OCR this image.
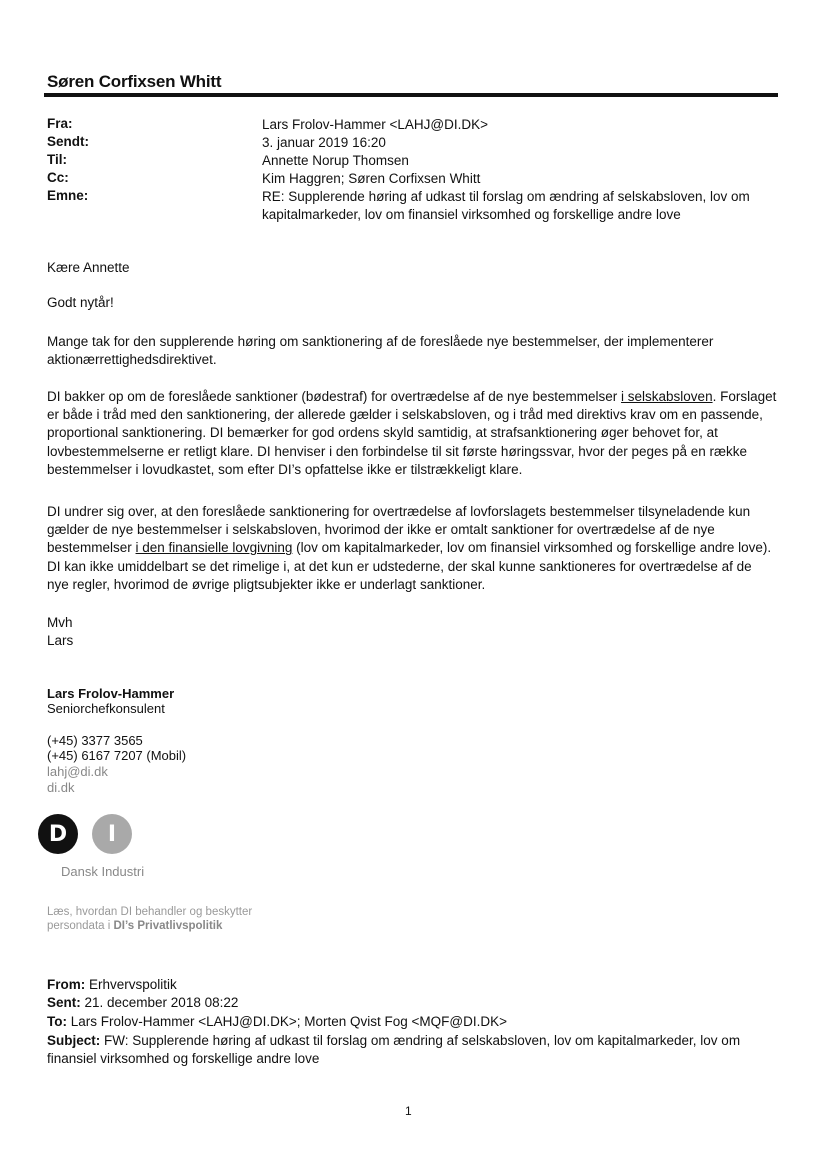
Søren Corfixsen Whitt
Fra:	Lars Frolov-Hammer <LAHJ@DI.DK>
Sendt:	3. januar 2019 16:20
Til:	Annette Norup Thomsen
Cc:	Kim Haggren; Søren Corfixsen Whitt
Emne:	RE: Supplerende høring af udkast til forslag om ændring af selskabsloven, lov om kapitalmarkeder, lov om finansiel virksomhed og forskellige andre love
Kære Annette
Godt nytår!

Mange tak for den supplerende høring om sanktionering af de foreslåede nye bestemmelser, der implementerer aktionærrettighedsdirektivet.

DI bakker op om de foreslåede sanktioner (bødestraf) for overtrædelse af de nye bestemmelser i selskabsloven. Forslaget er både i tråd med den sanktionering, der allerede gælder i selskabsloven, og i tråd med direktivs krav om en passende, proportional sanktionering. DI bemærker for god ordens skyld samtidig, at strafsanktionering øger behovet for, at lovbestemmelserne er retligt klare. DI henviser i den forbindelse til sit første høringssvar, hvor der peges på en række bestemmelser i lovudkastet, som efter DI’s opfattelse ikke er tilstrækkeligt klare.

DI undrer sig over, at den foreslåede sanktionering for overtrædelse af lovforslagets bestemmelser tilsyneladende kun gælder de nye bestemmelser i selskabsloven, hvorimod der ikke er omtalt sanktioner for overtrædelse af de nye bestemmelser i den finansielle lovgivning (lov om kapitalmarkeder, lov om finansiel virksomhed og forskellige andre love). DI kan ikke umiddelbart se det rimelige i, at det kun er udstederne, der skal kunne sanktioneres for overtrædelse af de nye regler, hvorimod de øvrige pligtsubjekter ikke er underlagt sanktioner.

Mvh
Lars
Lars Frolov-Hammer
Seniorchefkonsulent
(+45) 3377 3565
(+45) 6167 7207 (Mobil)
lahj@di.dk
di.dk
D	I
Dansk Industri
Læs, hvordan DI behandler og beskytter
persondata i DI’s Privatlivspolitik
From: Erhvervspolitik
Sent: 21. december 2018 08:22
To: Lars Frolov-Hammer <LAHJ@DI.DK>; Morten Qvist Fog <MQF@DI.DK>
Subject: FW: Supplerende høring af udkast til forslag om ændring af selskabsloven, lov om kapitalmarkeder, lov om finansiel virksomhed og forskellige andre love
1
